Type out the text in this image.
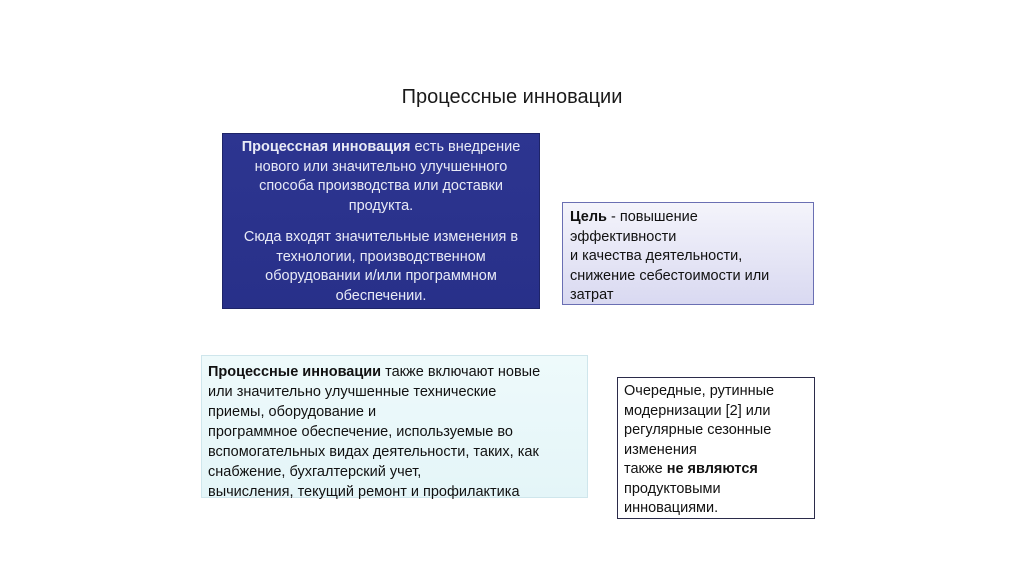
Процессные инновации

Процессная инновация есть внедрение нового или значительно улучшенного способа производства или доставки продукта.

Сюда входят значительные изменения в технологии, производственном оборудовании и/или программном обеспечении.

Цель - повышение
эффективности
и качества деятельности,
снижение себестоимости или
затрат
Процессные инновации также включают новые
или значительно улучшенные технические
приемы, оборудование и
программное обеспечение, используемые во
вспомогательных видах деятельности, таких, как
снабжение, бухгалтерский учет,
вычисления, текущий ремонт и профилактика
Очередные, рутинные
модернизации [2] или
регулярные сезонные
изменения
также не являются
продуктовыми
инновациями.
